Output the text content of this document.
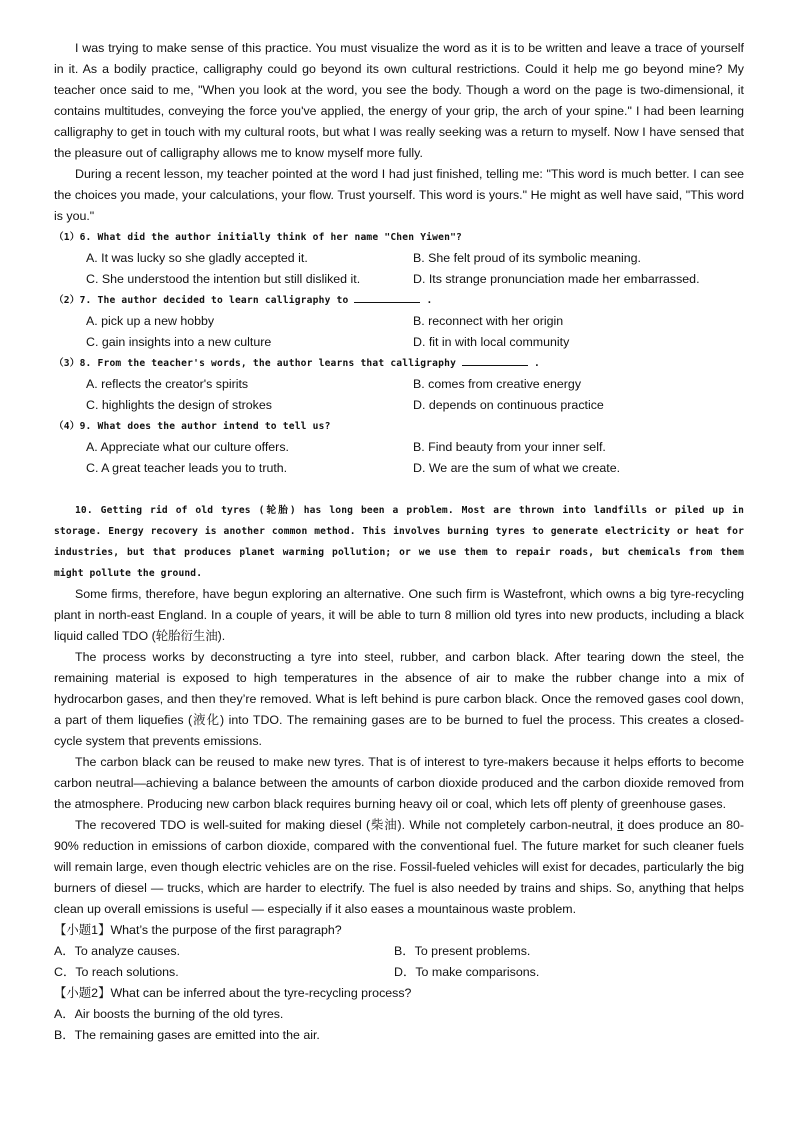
I was trying to make sense of this practice. You must visualize the word as it is to be written and leave a trace of yourself in it. As a bodily practice, calligraphy could go beyond its own cultural restrictions. Could it help me go beyond mine? My teacher once said to me, "When you look at the word, you see the body. Though a word on the page is two-dimensional, it contains multitudes, conveying the force you've applied, the energy of your grip, the arch of your spine." I had been learning calligraphy to get in touch with my cultural roots, but what I was really seeking was a return to myself. Now I have sensed that the pleasure out of calligraphy allows me to know myself more fully.

During a recent lesson, my teacher pointed at the word I had just finished, telling me: "This word is much better. I can see the choices you made, your calculations, your flow. Trust yourself. This word is yours." He might as well have said, "This word is you."

（1）6. What did the author initially think of her name "Chen Yiwen"?

A. It was lucky so she gladly accepted it.	B. She felt proud of its symbolic meaning.
C. She understood the intention but still disliked it.	D. Its strange pronunciation made her embarrassed.

（2）7. The author decided to learn calligraphy to	.

A. pick up a new hobby	B. reconnect with her origin
C. gain insights into a new culture	D. fit in with local community

（3）8. From the teacher's words, the author learns that calligraphy	.

A. reflects the creator's spirits	B. comes from creative energy
C. highlights the design of strokes	D. depends on continuous practice

（4）9. What does the author intend to tell us?

A. Appreciate what our culture offers.	B. Find beauty from your inner self.
C. A great teacher leads you to truth.	D. We are the sum of what we create.

10. Getting rid of old tyres (轮胎) has long been a problem. Most are thrown into landfills or piled up in storage. Energy recovery is another common method. This involves burning tyres to generate electricity or heat for industries, but that produces planet warming pollution; or we use them to repair roads, but chemicals from them might pollute the ground.

Some firms, therefore, have begun exploring an alternative. One such firm is Wastefront, which owns a big tyre-recycling plant in north-east England. In a couple of years, it will be able to turn 8 million old tyres into new products, including a black liquid called TDO (轮胎衍生油).

The process works by deconstructing a tyre into steel, rubber, and carbon black. After tearing down the steel, the remaining material is exposed to high temperatures in the absence of air to make the rubber change into a mix of hydrocarbon gases, and then they’re removed. What is left behind is pure carbon black. Once the removed gases cool down, a part of them liquefies (液化) into TDO. The remaining gases are to be burned to fuel the process. This creates a closed-cycle system that prevents emissions.

The carbon black can be reused to make new tyres. That is of interest to tyre-makers because it helps efforts to become carbon neutral—achieving a balance between the amounts of carbon dioxide produced and the carbon dioxide removed from the atmosphere. Producing new carbon black requires burning heavy oil or coal, which lets off plenty of greenhouse gases.

The recovered TDO is well-suited for making diesel (柴油). While not completely carbon-neutral, it does produce an 80-90% reduction in emissions of carbon dioxide, compared with the conventional fuel. The future market for such cleaner fuels will remain large, even though electric vehicles are on the rise. Fossil-fueled vehicles will exist for decades, particularly the big burners of diesel — trucks, which are harder to electrify. The fuel is also needed by trains and ships. So, anything that helps clean up overall emissions is useful — especially if it also eases a mountainous waste problem.

【小题1】What’s the purpose of the first paragraph?

A．To analyze causes.	B．To present problems.
C．To reach solutions.	D．To make comparisons.

【小题2】What can be inferred about the tyre-recycling process?

A．Air boosts the burning of the old tyres.

B．The remaining gases are emitted into the air.
